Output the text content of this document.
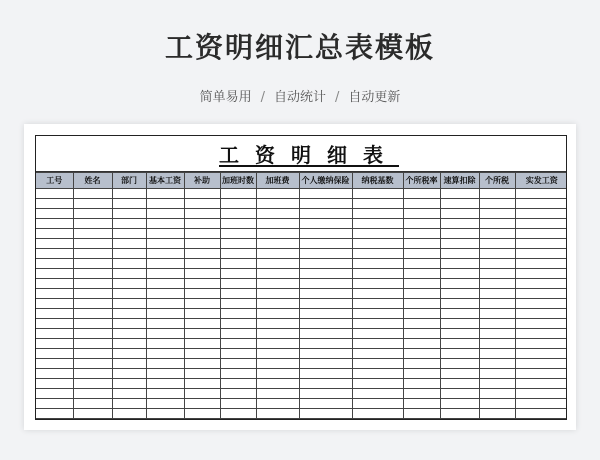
工资明细汇总表模板
简单易用 / 自动统计 / 自动更新
工资明细表
工号	姓名	部门	基本工资	补助	加班时数	加班费	个人缴纳保险	纳税基数	个所税率	速算扣除	个所税	实发工资
